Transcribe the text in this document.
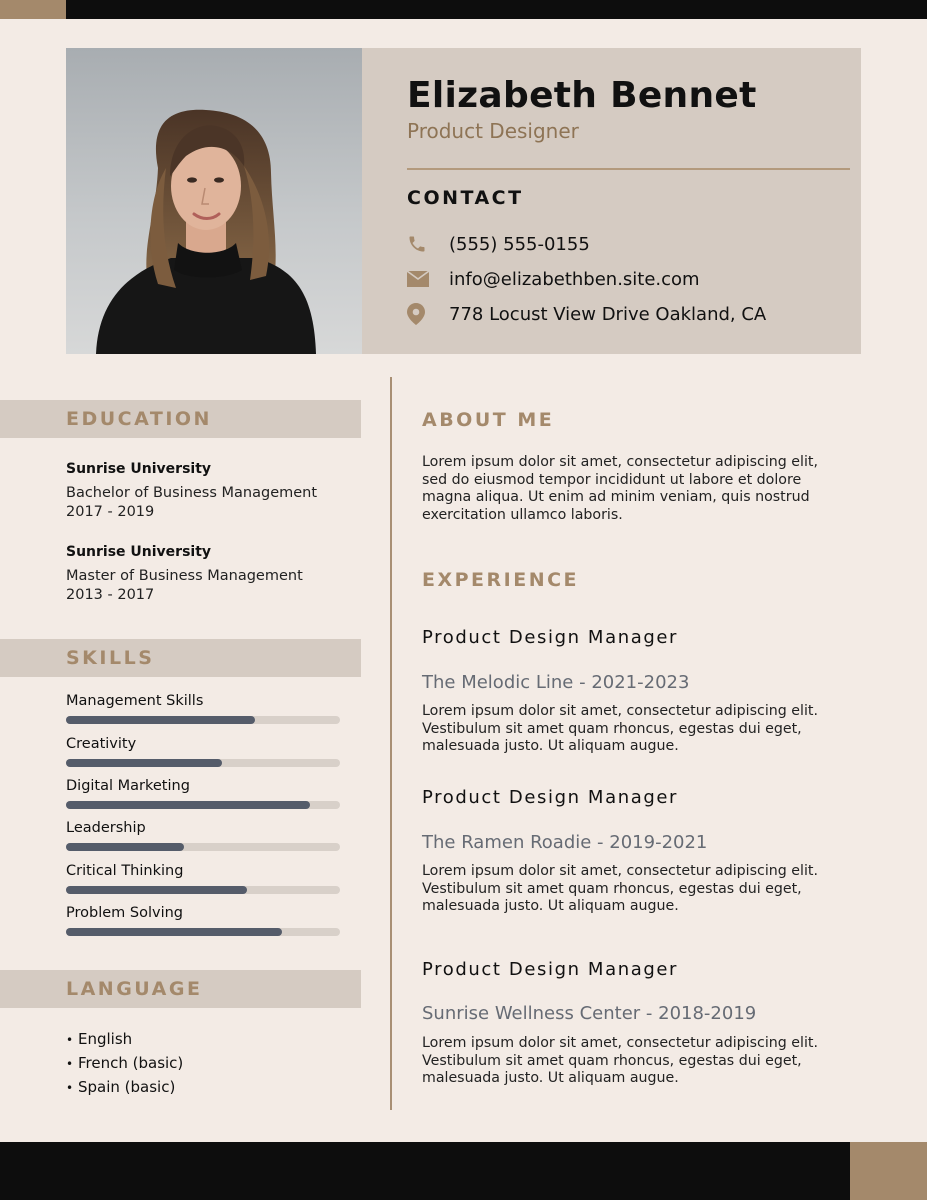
Elizabeth Bennet
Product Designer
CONTACT
(555) 555-0155
info@elizabethben.site.com
778 Locust View Drive Oakland, CA
EDUCATION
Sunrise University
Bachelor of Business Management
2017 - 2019
Sunrise University
Master of Business Management
2013 - 2017
SKILLS
Management Skills
Creativity
Digital Marketing
Leadership
Critical Thinking
Problem Solving
LANGUAGE
• English
• French (basic)
• Spain (basic)
ABOUT ME
Lorem ipsum dolor sit amet, consectetur adipiscing elit, sed do eiusmod tempor incididunt ut labore et dolore magna aliqua. Ut enim ad minim veniam, quis nostrud exercitation ullamco laboris.
EXPERIENCE
Product Design Manager
The Melodic Line - 2021-2023
Lorem ipsum dolor sit amet, consectetur adipiscing elit. Vestibulum sit amet quam rhoncus, egestas dui eget, malesuada justo. Ut aliquam augue.
Product Design Manager
The Ramen Roadie - 2019-2021
Lorem ipsum dolor sit amet, consectetur adipiscing elit. Vestibulum sit amet quam rhoncus, egestas dui eget, malesuada justo. Ut aliquam augue.
Product Design Manager
Sunrise Wellness Center - 2018-2019
Lorem ipsum dolor sit amet, consectetur adipiscing elit. Vestibulum sit amet quam rhoncus, egestas dui eget, malesuada justo. Ut aliquam augue.
